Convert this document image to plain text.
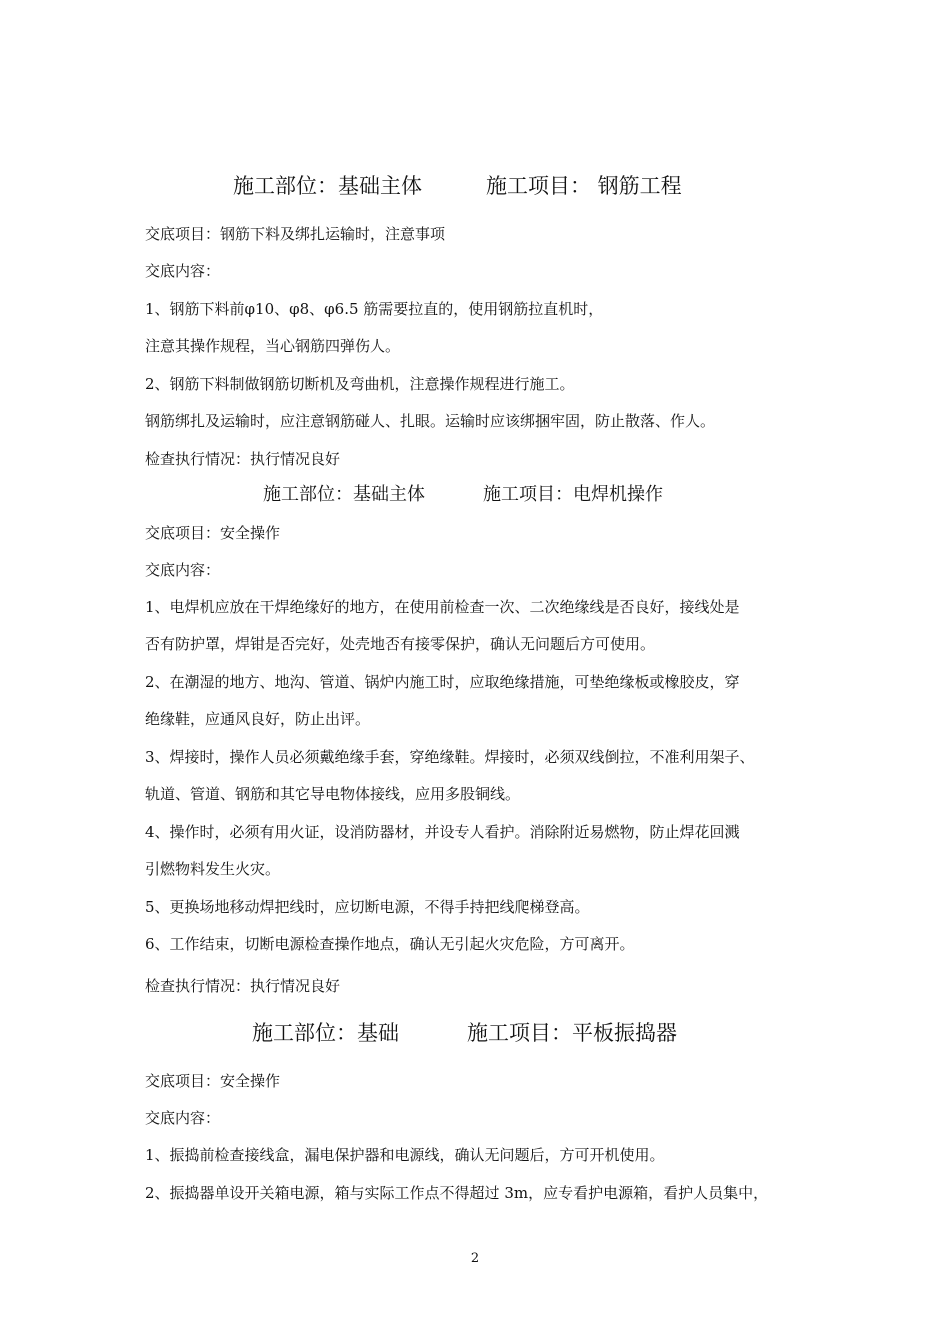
施工部位：基础主体	施工项目： 钢筋工程
交底项目：钢筋下料及绑扎运输时，注意事项
交底内容：
1、钢筋下料前φ10、φ8、φ6.5 筋需要拉直的，使用钢筋拉直机时，
注意其操作规程，当心钢筋四弹伤人。
2、钢筋下料制做钢筋切断机及弯曲机，注意操作规程进行施工。
钢筋绑扎及运输时，应注意钢筋碰人、扎眼。运输时应该绑捆牢固，防止散落、作人。
检查执行情况：执行情况良好
施工部位：基础主体	施工项目：电焊机操作
交底项目：安全操作
交底内容：
1、电焊机应放在干焊绝缘好的地方，在使用前检查一次、二次绝缘线是否良好，接线处是
否有防护罩，焊钳是否完好，处壳地否有接零保护，确认无问题后方可使用。
2、在潮湿的地方、地沟、管道、锅炉内施工时，应取绝缘措施，可垫绝缘板或橡胶皮，穿
绝缘鞋，应通风良好，防止出评。
3、焊接时，操作人员必须戴绝缘手套，穿绝缘鞋。焊接时，必须双线倒拉，不准利用架子、
轨道、管道、钢筋和其它导电物体接线，应用多股铜线。
4、操作时，必须有用火证，设消防器材，并设专人看护。消除附近易燃物，防止焊花回溅
引燃物料发生火灾。
5、更换场地移动焊把线时，应切断电源，不得手持把线爬梯登高。
6、工作结束，切断电源检查操作地点，确认无引起火灾危险，方可离开。
检查执行情况：执行情况良好
施工部位：基础	施工项目：平板振捣器
交底项目：安全操作
交底内容：
1、振捣前检查接线盒，漏电保护器和电源线，确认无问题后，方可开机使用。
2、振捣器单设开关箱电源，箱与实际工作点不得超过 3m，应专看护电源箱，看护人员集中，
2
